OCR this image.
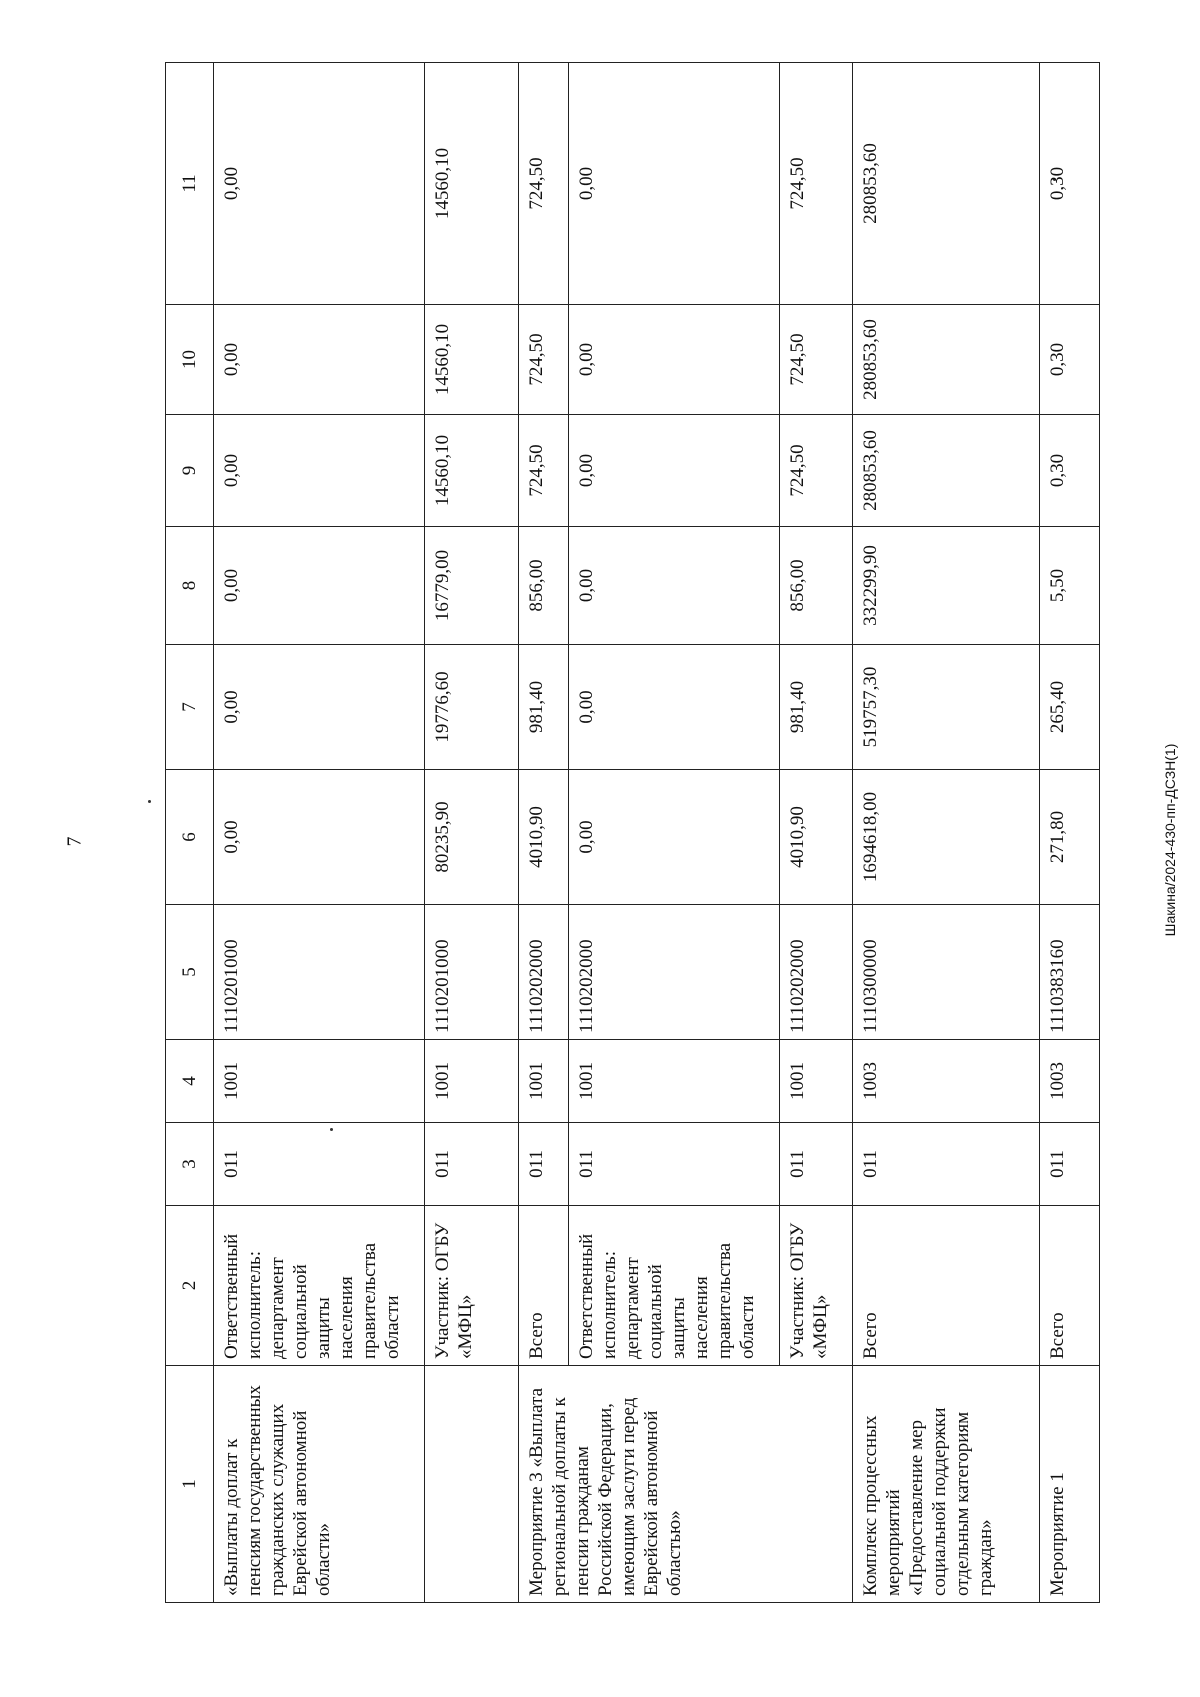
7	Шакина/2024-430-пп-ДСЗН(1)
1	2	3	4	5	6	7	8	9	10	11
«Выплаты доплат к пенсиям государственных гражданских служащих Еврейской автономной области»	Ответственный исполнитель: департамент социальной защиты населения правительства области	011	1001	1110201000	0,00	0,00	0,00	0,00	0,00	0,00
	Участник: ОГБУ «МФЦ»	011	1001	1110201000	80235,90	19776,60	16779,00	14560,10	14560,10	14560,10
Мероприятие 3 «Выплата региональной доплаты к пенсии гражданам Российской Федерации, имеющим заслуги перед Еврейской автономной областью»	Всего	011	1001	1110202000	4010,90	981,40	856,00	724,50	724,50	724,50
	Ответственный исполнитель: департамент социальной защиты населения правительства области	011	1001	1110202000	0,00	0,00	0,00	0,00	0,00	0,00
	Участник: ОГБУ «МФЦ»	011	1001	1110202000	4010,90	981,40	856,00	724,50	724,50	724,50
Комплекс процессных мероприятий «Предоставление мер социальной поддержки отдельным категориям граждан»	Всего	011	1003	1110300000	1694618,00	519757,30	332299,90	280853,60	280853,60	280853,60
Мероприятие 1	Всего	011	1003	1110383160	271,80	265,40	5,50	0,30	0,30	0,30
